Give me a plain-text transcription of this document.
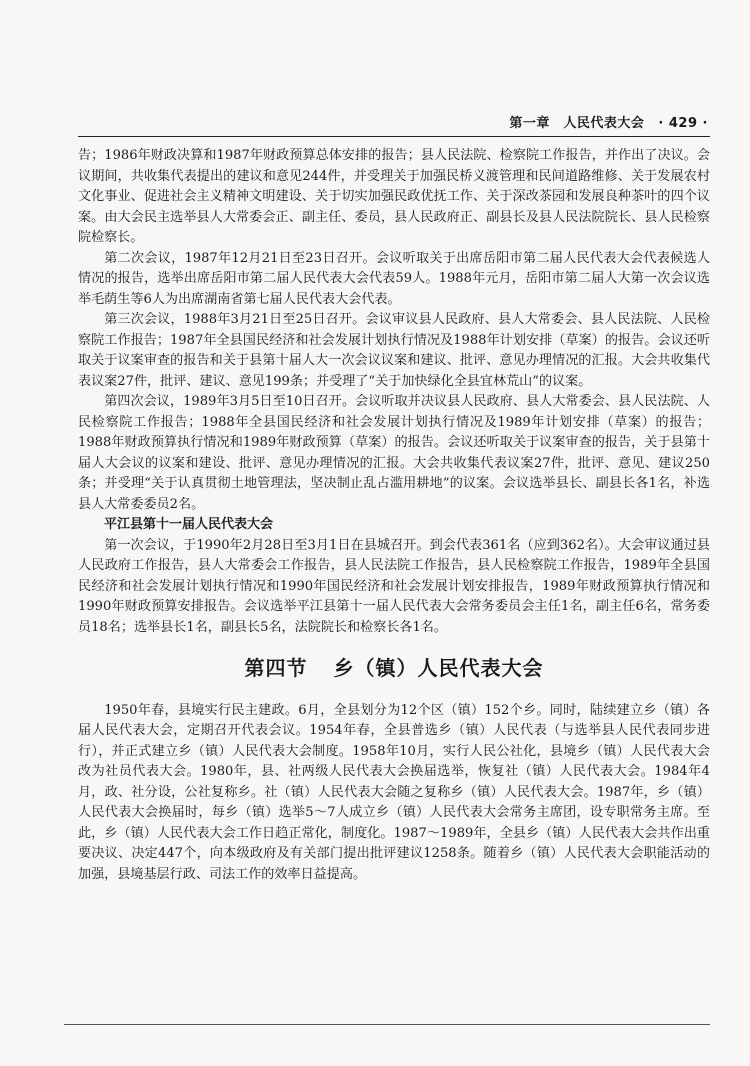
第一章　人民代表大会 · 429 ·

告；1986年财政决算和1987年财政预算总体安排的报告；县人民法院、检察院工作报告，并作出了决议。会议期间，共收集代表提出的建议和意见244件，并受理关于加强民桥义渡管理和民间道路维修、关于发展农村文化事业、促进社会主义精神文明建设、关于切实加强民政优抚工作、关于深改茶园和发展良种茶叶的四个议案。由大会民主选举县人大常委会正、副主任、委员，县人民政府正、副县长及县人民法院院长、县人民检察院检察长。

第二次会议，1987年12月21日至23日召开。会议听取关于出席岳阳市第二届人民代表大会代表候选人情况的报告，选举出席岳阳市第二届人民代表大会代表59人。1988年元月，岳阳市第二届人大第一次会议选举毛荫生等6人为出席湖南省第七届人民代表大会代表。

第三次会议，1988年3月21日至25日召开。会议审议县人民政府、县人大常委会、县人民法院、人民检察院工作报告；1987年全县国民经济和社会发展计划执行情况及1988年计划安排（草案）的报告。会议还听取关于议案审查的报告和关于县第十届人大一次会议议案和建议、批评、意见办理情况的汇报。大会共收集代表议案27件，批评、建议、意见199条；并受理了“关于加快绿化全县宜林荒山”的议案。

第四次会议，1989年3月5日至10日召开。会议听取并决议县人民政府、县人大常委会、县人民法院、人民检察院工作报告；1988年全县国民经济和社会发展计划执行情况及1989年计划安排（草案）的报告；1988年财政预算执行情况和1989年财政预算（草案）的报告。会议还听取关于议案审查的报告，关于县第十届人大会议的议案和建设、批评、意见办理情况的汇报。大会共收集代表议案27件，批评、意见、建议250条；并受理“关于认真贯彻土地管理法，坚决制止乱占滥用耕地”的议案。会议选举县长、副县长各1名，补选县人大常委委员2名。

平江县第十一届人民代表大会

第一次会议，于1990年2月28日至3月1日在县城召开。到会代表361名（应到362名）。大会审议通过县人民政府工作报告，县人大常委会工作报告，县人民法院工作报告，县人民检察院工作报告，1989年全县国民经济和社会发展计划执行情况和1990年国民经济和社会发展计划安排报告，1989年财政预算执行情况和1990年财政预算安排报告。会议选举平江县第十一届人民代表大会常务委员会主任1名，副主任6名，常务委员18名；选举县长1名，副县长5名，法院院长和检察长各1名。

第四节 乡（镇）人民代表大会

1950年春，县境实行民主建政。6月，全县划分为12个区（镇）152个乡。同时，陆续建立乡（镇）各届人民代表大会，定期召开代表会议。1954年春，全县普选乡（镇）人民代表（与选举县人民代表同步进行），并正式建立乡（镇）人民代表大会制度。1958年10月，实行人民公社化，县境乡（镇）人民代表大会改为社员代表大会。1980年，县、社两级人民代表大会换届选举，恢复社（镇）人民代表大会。1984年4月，政、社分设，公社复称乡。社（镇）人民代表大会随之复称乡（镇）人民代表大会。1987年，乡（镇）人民代表大会换届时，每乡（镇）选举5～7人成立乡（镇）人民代表大会常务主席团，设专职常务主席。至此，乡（镇）人民代表大会工作日趋正常化，制度化。1987～1989年，全县乡（镇）人民代表大会共作出重要决议、决定447个，向本级政府及有关部门提出批评建议1258条。随着乡（镇）人民代表大会职能活动的加强，县境基层行政、司法工作的效率日益提高。
